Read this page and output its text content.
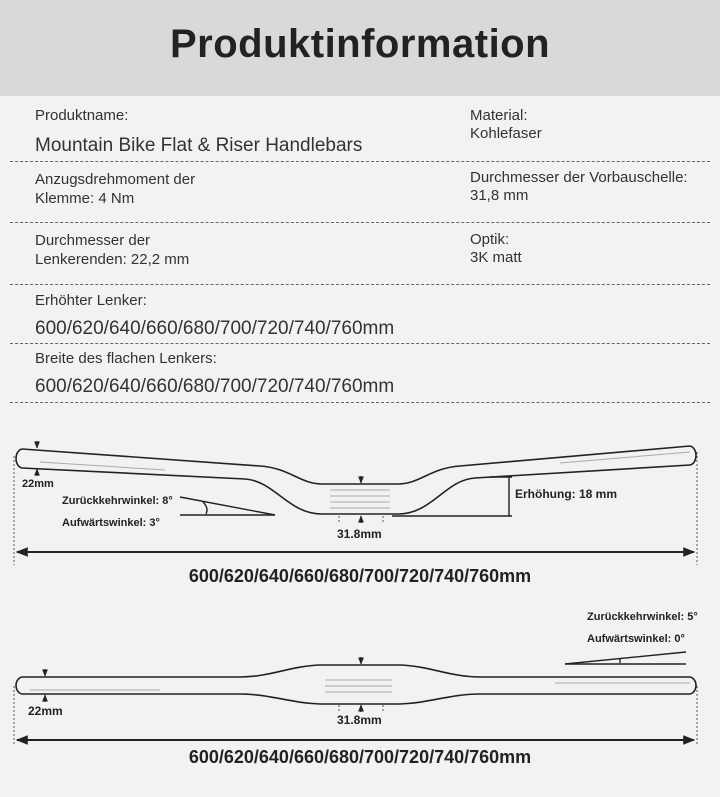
Produktinformation
Produktname:
Mountain Bike Flat & Riser Handlebars
Material:
Kohlefaser
Anzugsdrehmoment der
Klemme: 4 Nm
Durchmesser der Vorbauschelle:
31,8 mm
Durchmesser der
Lenkerenden: 22,2 mm
Optik:
3K matt
Erhöhter Lenker:
600/620/640/660/680/700/720/740/760mm
Breite des flachen Lenkers:
600/620/640/660/680/700/720/740/760mm
22mm
Zurückkehrwinkel: 8°
Aufwärtswinkel: 3°
Erhöhung: 18 mm
31.8mm
600/620/640/660/680/700/720/740/760mm
Zurückkehrwinkel: 5°
Aufwärtswinkel: 0°
22mm
31.8mm
600/620/640/660/680/700/720/740/760mm
